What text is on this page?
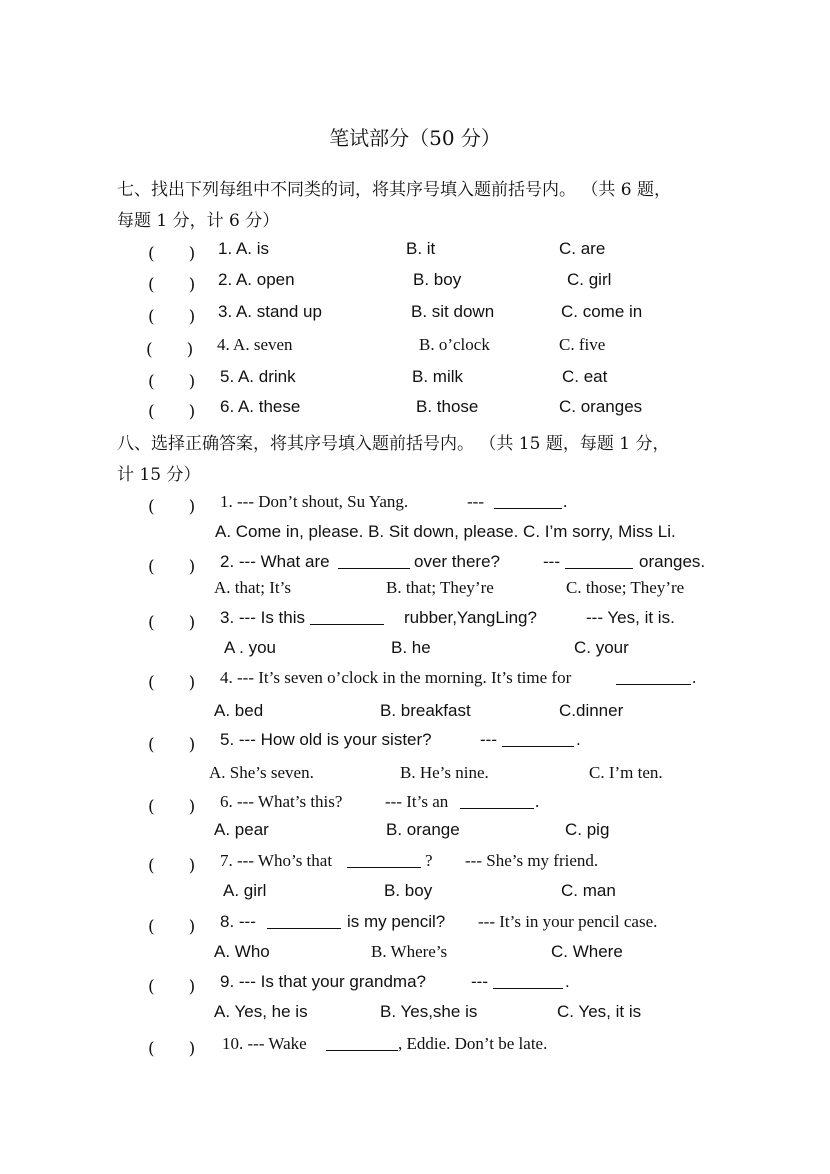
笔试部分（50 分）
七、找出下列每组中不同类的词，将其序号填入题前括号内。 （共 6 题，
每题 1 分，计 6 分）
(　　) 1. A. is	B. it	C. are
(　　) 2. A. open	B. boy	C. girl
(　　) 3. A. stand up	B. sit down	C. come in
(　　) 4. A. seven	B. o’clock	C. five
(　　) 5. A. drink	B. milk	C. eat
(　　) 6. A. these	B. those	C. oranges
八、选择正确答案，将其序号填入题前括号内。 （共 15 题，每题 1 分，
计 15 分）
(　　) 1. --- Don’t shout, Su Yang.	---	.
A. Come in, please. B. Sit down, please. C. I’m sorry, Miss Li.
(　　) 2. --- What are	over there?	---	oranges.
A. that; It’s	B. that; They’re	C. those; They’re
(　　) 3. --- Is this	rubber,YangLing?	--- Yes, it is.
A . you	B. he	C. your
(　　) 4. --- It’s seven o’clock in the morning. It’s time for	.
A. bed	B. breakfast	C.dinner
(　　) 5. --- How old is your sister?	---	.
A. She’s seven.	B. He’s nine.	C. I’m ten.
(　　) 6. --- What’s this?	--- It’s an	.
A. pear	B. orange	C. pig
(　　) 7. --- Who’s that	? --- She’s my friend.
A. girl	B. boy	C. man
(　　) 8. ---	is my pencil? --- It’s in your pencil case.
A. Who	B. Where’s	C. Where
(　　) 9. --- Is that your grandma?	---	.
A. Yes, he is	B. Yes,she is	C. Yes, it is
(　　) 10. --- Wake	, Eddie. Don’t be late.
